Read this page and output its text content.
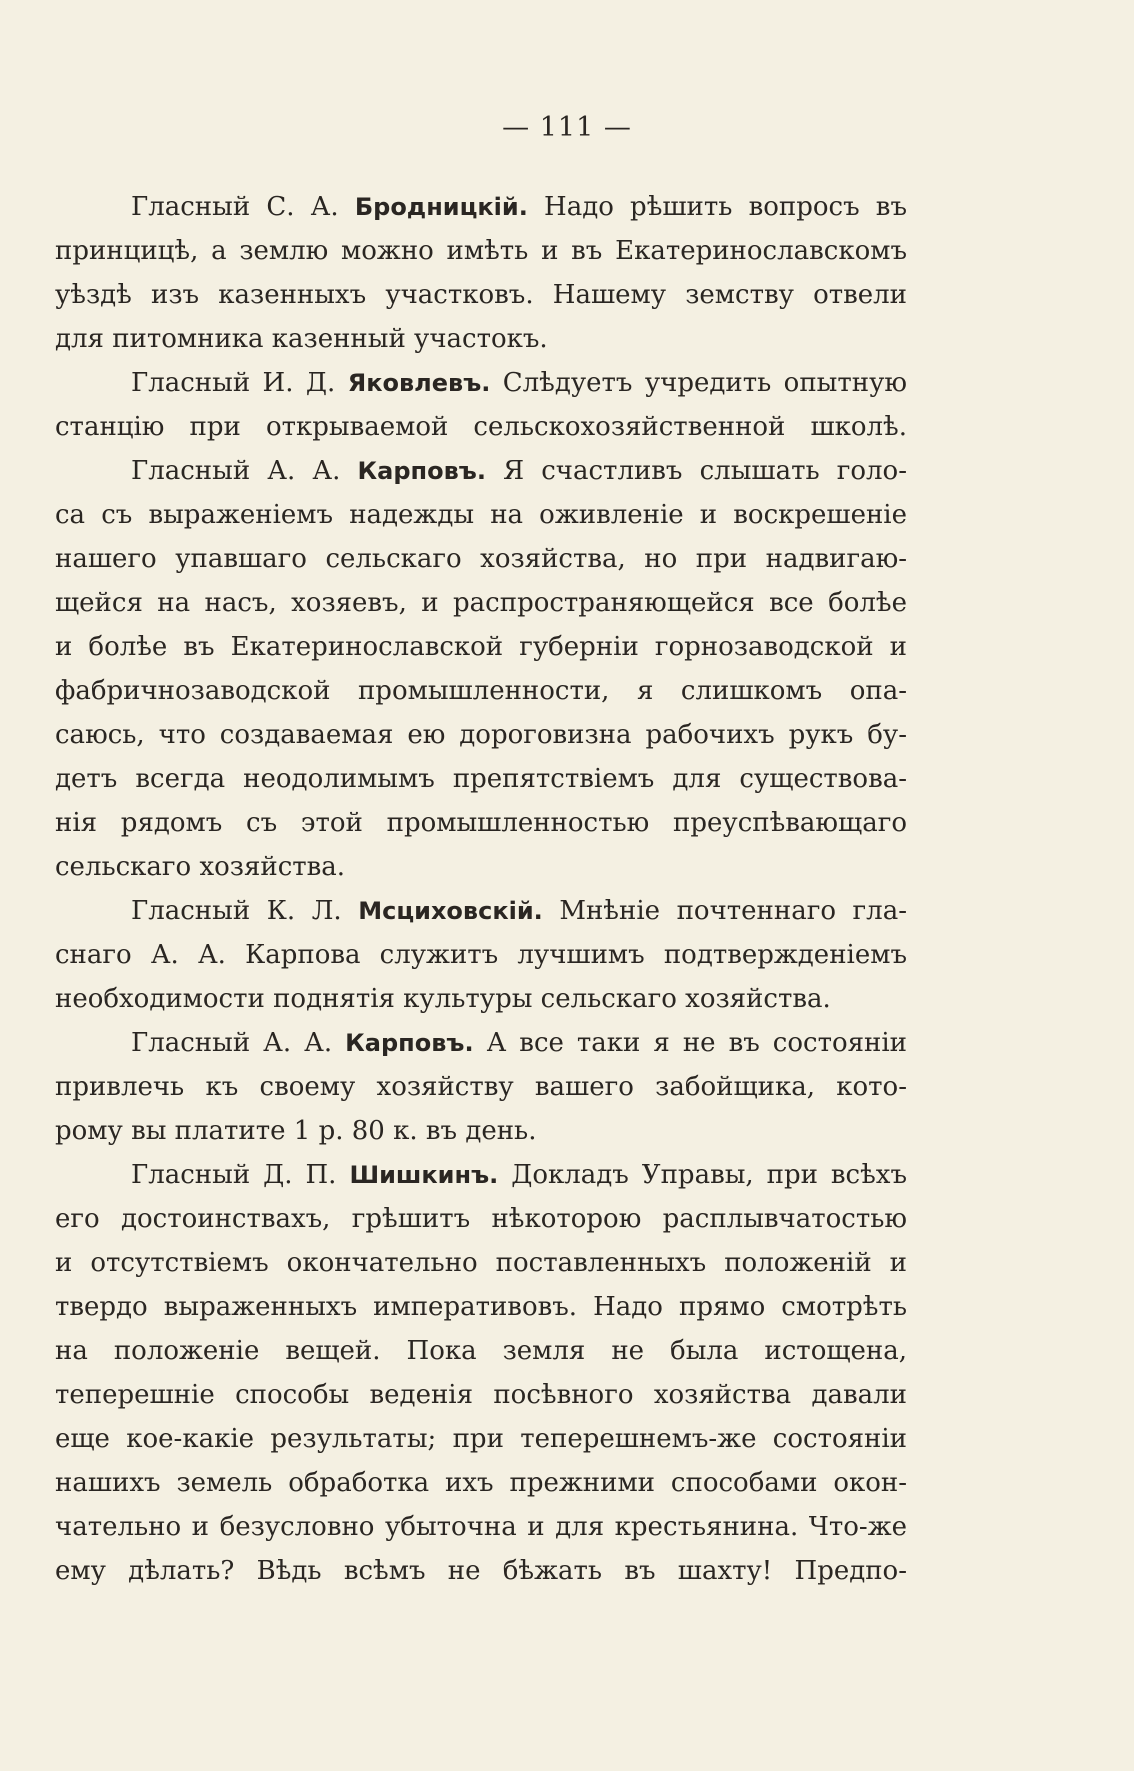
— 111 —
Гласный С. А. Бродницкій. Надо рѣшить вопросъ въ
принцицѣ, а землю можно имѣть и въ Екатеринославскомъ
уѣздѣ изъ казенныхъ участковъ. Нашему земству отвели
для питомника казенный участокъ.
Гласный И. Д. Яковлевъ. Слѣдуетъ учредить опытную
станцію при открываемой сельскохозяйственной школѣ.
Гласный А. А. Карповъ. Я счастливъ слышать голо-
са съ выраженіемъ надежды на оживленіе и воскрешеніе
нашего упавшаго сельскаго хозяйства, но при надвигаю-
щейся на насъ, хозяевъ, и распространяющейся все болѣе
и болѣе въ Екатеринославской губерніи горнозаводской и
фабричнозаводской промышленности, я слишкомъ опа-
саюсь, что создаваемая ею дороговизна рабочихъ рукъ бу-
детъ всегда неодолимымъ препятствіемъ для существова-
нія рядомъ съ этой промышленностью преуспѣвающаго
сельскаго хозяйства.
Гласный К. Л. Мсциховскій. Мнѣніе почтеннаго гла-
снаго А. А. Карпова служитъ лучшимъ подтвержденіемъ
необходимости поднятія культуры сельскаго хозяйства.
Гласный А. А. Карповъ. А все таки я не въ состояніи
привлечь къ своему хозяйству вашего забойщика, кото-
рому вы платите 1 р. 80 к. въ день.
Гласный Д. П. Шишкинъ. Докладъ Управы, при всѣхъ
его достоинствахъ, грѣшитъ нѣкоторою расплывчатостью
и отсутствіемъ окончательно поставленныхъ положеній и
твердо выраженныхъ императивовъ. Надо прямо смотрѣть
на положеніе вещей. Пока земля не была истощена,
теперешніе способы веденія посѣвного хозяйства давали
еще кое-какіе результаты; при теперешнемъ-же состояніи
нашихъ земель обработка ихъ прежними способами окон-
чательно и безусловно убыточна и для крестьянина. Что-же
ему дѣлать? Вѣдь всѣмъ не бѣжать въ шахту! Предпо-
